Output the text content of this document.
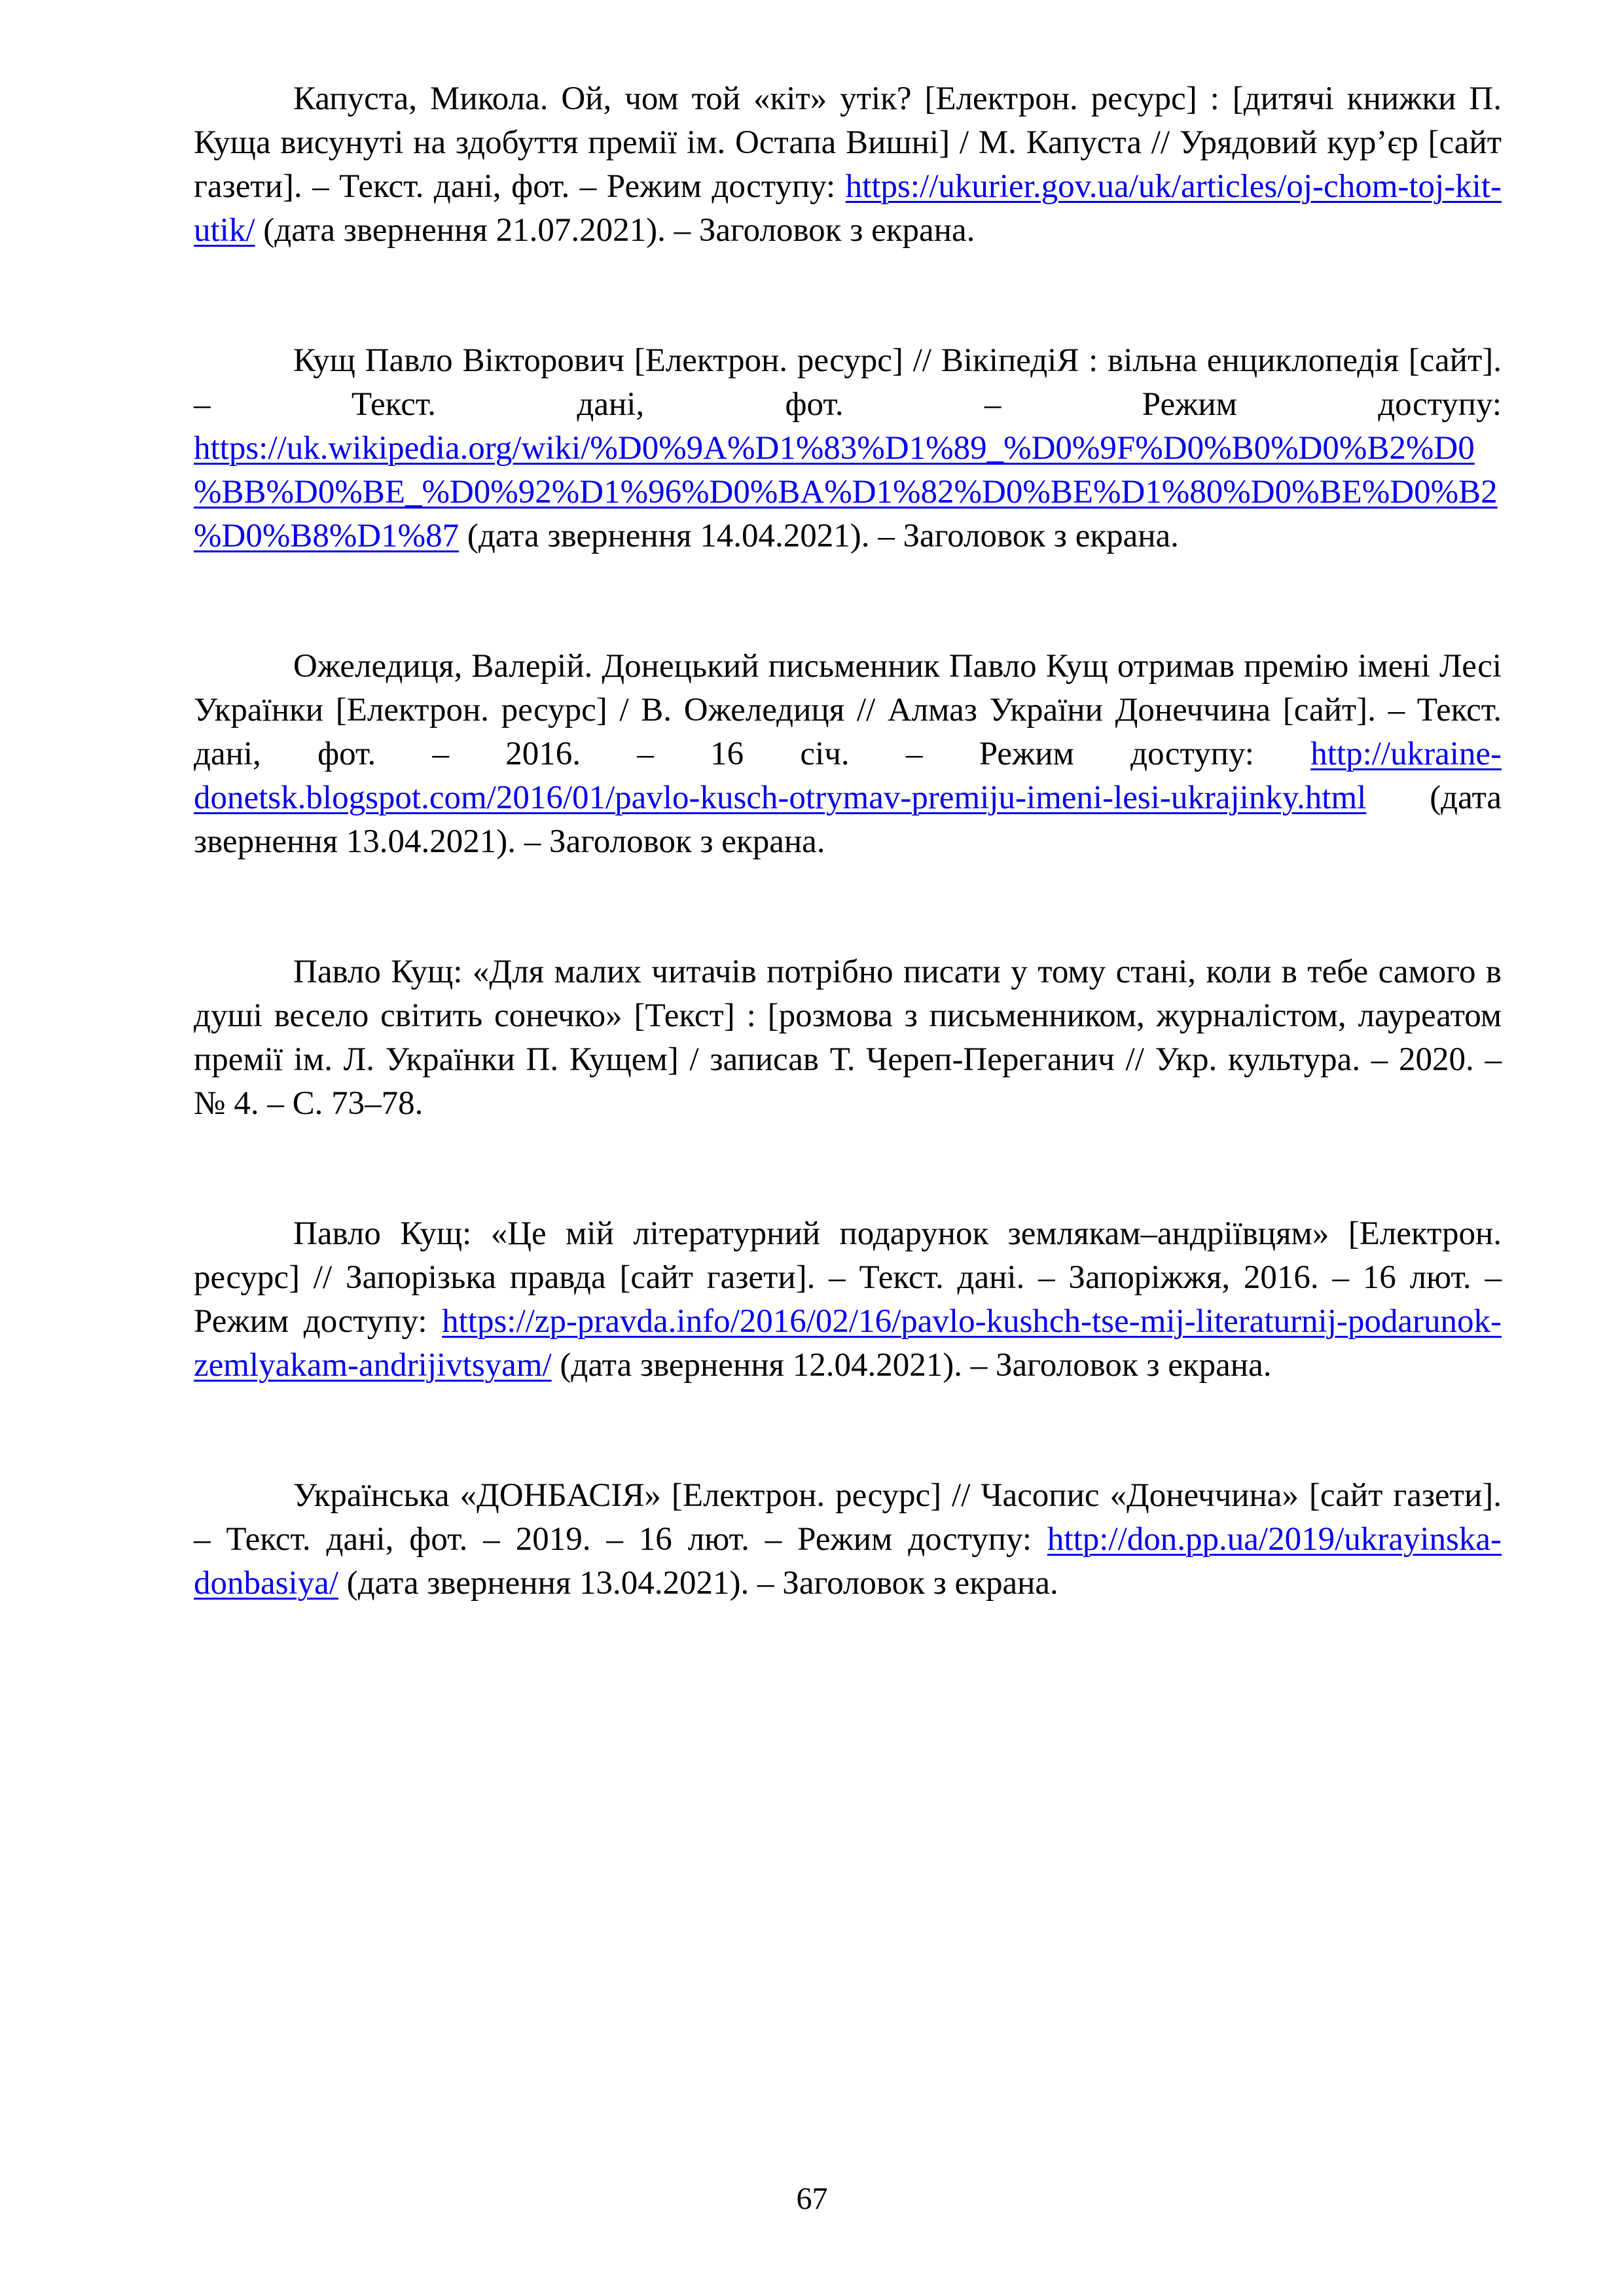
Капуста, Микола. Ой, чом той «кіт» утік? [Електрон. ресурс] : [дитячі книжки П. Куща висунуті на здобуття премії ім. Остапа Вишні] / М. Капуста // Урядовий кур’єр [сайт газети]. – Текст. дані, фот. – Режим доступу: https://ukurier.gov.ua/uk/articles/oj-chom-toj-kit-utik/ (дата звернення 21.07.2021). – Заголовок з екрана.

Кущ Павло Вікторович [Електрон. ресурс] // ВікіпедіЯ : вільна енциклопедія [сайт]. – Текст. дані, фот. – Режим доступу: https://uk.wikipedia.org/wiki/%D0%9A%D1%83%D1%89_%D0%9F%D0%B0%D0%B2%D0%BB%D0%BE_%D0%92%D1%96%D0%BA%D1%82%D0%BE%D1%80%D0%BE%D0%B2%D0%B8%D1%87 (дата звернення 14.04.2021). – Заголовок з екрана.

Ожеледиця, Валерій. Донецький письменник Павло Кущ отримав премію імені Лесі Українки [Електрон. ресурс] / В. Ожеледиця // Алмаз України Донеччина [сайт]. – Текст. дані, фот. – 2016. – 16 січ. – Режим доступу: http://ukraine-donetsk.blogspot.com/2016/01/pavlo-kusch-otrymav-premiju-imeni-lesi-ukrajinky.html (дата звернення 13.04.2021). – Заголовок з екрана.

Павло Кущ: «Для малих читачів потрібно писати у тому стані, коли в тебе самого в душі весело світить сонечко» [Текст] : [розмова з письменником, журналістом, лауреатом премії ім. Л. Українки П. Кущем] / записав Т. Череп-Переганич // Укр. культура. – 2020. – № 4. – С. 73–78.

Павло Кущ: «Це мій літературний подарунок землякам–андріївцям» [Електрон. ресурс] // Запорізька правда [сайт газети]. – Текст. дані. – Запоріжжя, 2016. – 16 лют. – Режим доступу: https://zp-pravda.info/2016/02/16/pavlo-kushch-tse-mij-literaturnij-podarunok-zemlyakam-andrijivtsyam/ (дата звернення 12.04.2021). – Заголовок з екрана.

Українська «ДОНБАСІЯ» [Електрон. ресурс] // Часопис «Донеччина» [сайт газети]. – Текст. дані, фот. – 2019. – 16 лют. – Режим доступу: http://don.pp.ua/2019/ukrayinska-donbasiya/ (дата звернення 13.04.2021). – Заголовок з екрана.

67
